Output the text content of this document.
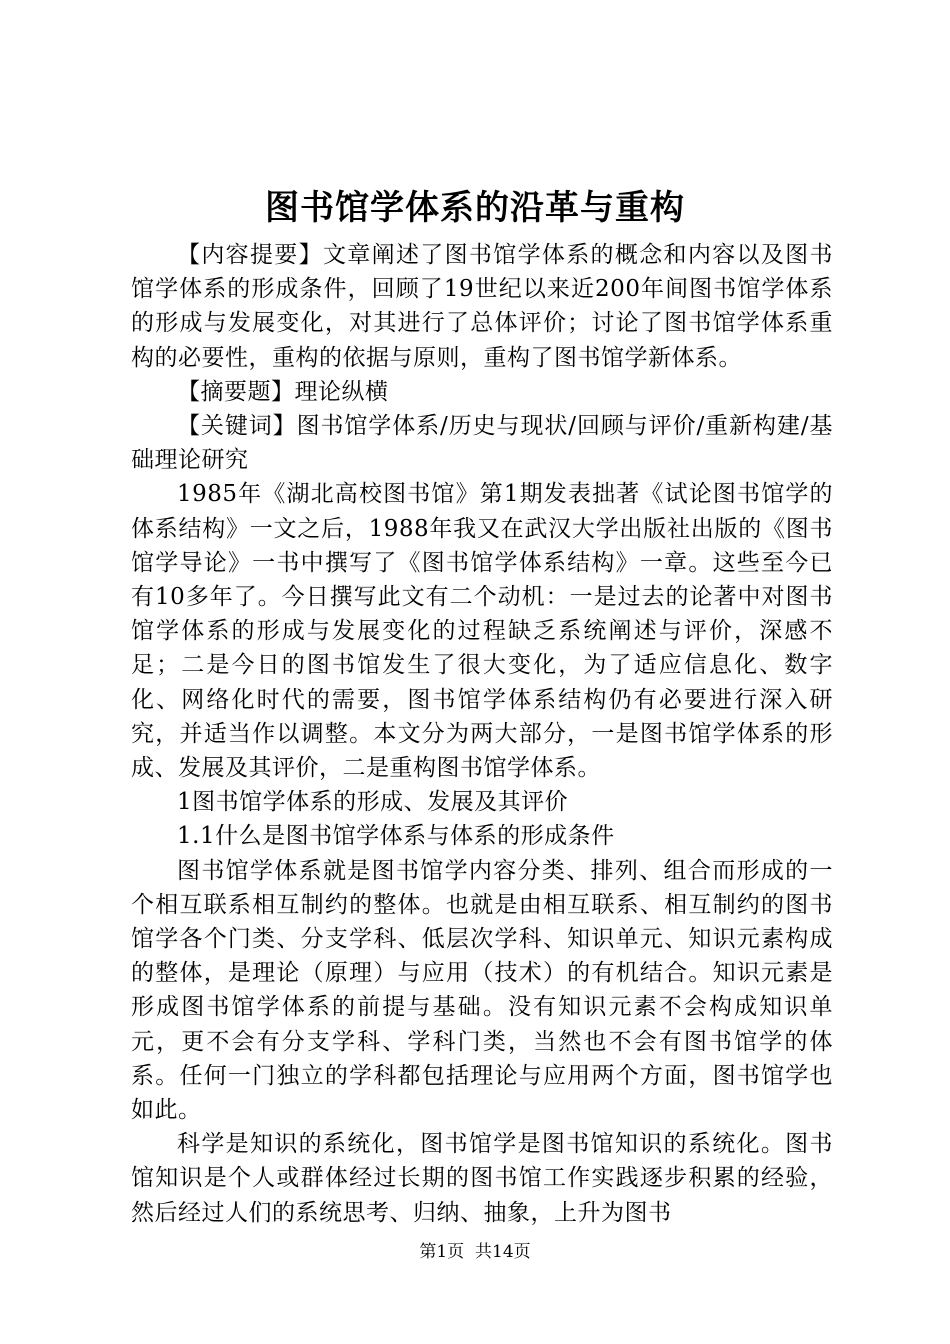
图书馆学体系的沿革与重构

【内容提要】文章阐述了图书馆学体系的概念和内容以及图书馆学体系的形成条件，回顾了19世纪以来近200年间图书馆学体系的形成与发展变化，对其进行了总体评价；讨论了图书馆学体系重构的必要性，重构的依据与原则，重构了图书馆学新体系。

【摘要题】理论纵横

【关键词】图书馆学体系/历史与现状/回顾与评价/重新构建/基础理论研究

1985年《湖北高校图书馆》第1期发表拙著《试论图书馆学的体系结构》一文之后，1988年我又在武汉大学出版社出版的《图书馆学导论》一书中撰写了《图书馆学体系结构》一章。这些至今已有10多年了。今日撰写此文有二个动机：一是过去的论著中对图书馆学体系的形成与发展变化的过程缺乏系统阐述与评价，深感不足；二是今日的图书馆发生了很大变化，为了适应信息化、数字化、网络化时代的需要，图书馆学体系结构仍有必要进行深入研究，并适当作以调整。本文分为两大部分，一是图书馆学体系的形成、发展及其评价，二是重构图书馆学体系。

1图书馆学体系的形成、发展及其评价

1.1什么是图书馆学体系与体系的形成条件

图书馆学体系就是图书馆学内容分类、排列、组合而形成的一个相互联系相互制约的整体。也就是由相互联系、相互制约的图书馆学各个门类、分支学科、低层次学科、知识单元、知识元素构成的整体，是理论（原理）与应用（技术）的有机结合。知识元素是形成图书馆学体系的前提与基础。没有知识元素不会构成知识单元，更不会有分支学科、学科门类，当然也不会有图书馆学的体系。任何一门独立的学科都包括理论与应用两个方面，图书馆学也如此。

科学是知识的系统化，图书馆学是图书馆知识的系统化。图书馆知识是个人或群体经过长期的图书馆工作实践逐步积累的经验，然后经过人们的系统思考、归纳、抽象，上升为图书

第1页 共14页
